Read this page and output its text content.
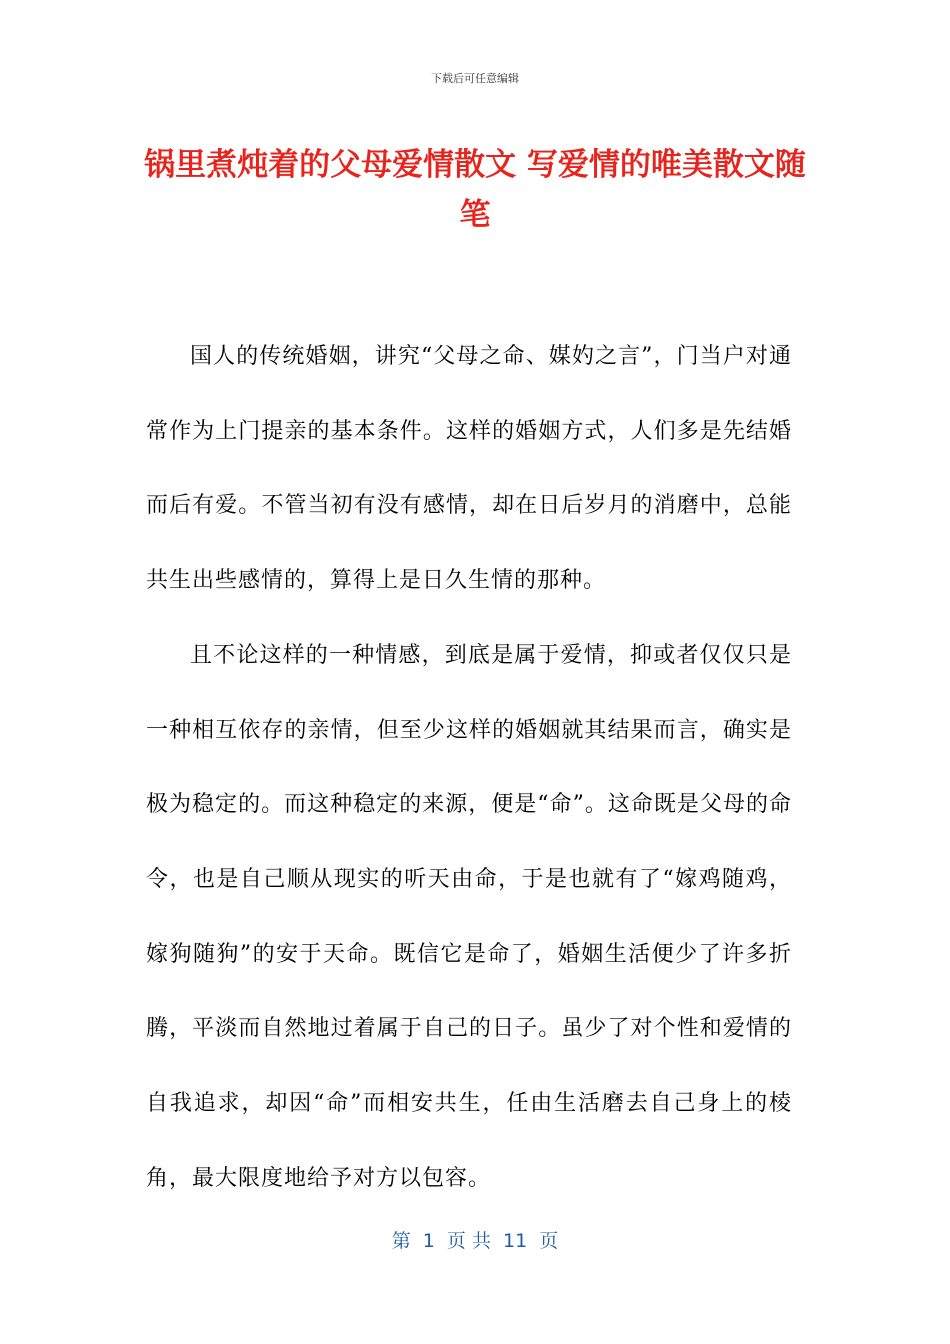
下载后可任意编辑
锅里煮炖着的父母爱情散文 写爱情的唯美散文随笔

国人的传统婚姻，讲究“父母之命、媒妁之言”，门当户对通常作为上门提亲的基本条件。这样的婚姻方式，人们多是先结婚而后有爱。不管当初有没有感情，却在日后岁月的消磨中，总能共生出些感情的，算得上是日久生情的那种。

且不论这样的一种情感，到底是属于爱情，抑或者仅仅只是一种相互依存的亲情，但至少这样的婚姻就其结果而言，确实是极为稳定的。而这种稳定的来源，便是“命”。这命既是父母的命令，也是自己顺从现实的听天由命，于是也就有了“嫁鸡随鸡，嫁狗随狗”的安于天命。既信它是命了，婚姻生活便少了许多折腾，平淡而自然地过着属于自己的日子。虽少了对个性和爱情的自我追求，却因“命”而相安共生，任由生活磨去自己身上的棱角，最大限度地给予对方以包容。

第  1  页 共  11  页
